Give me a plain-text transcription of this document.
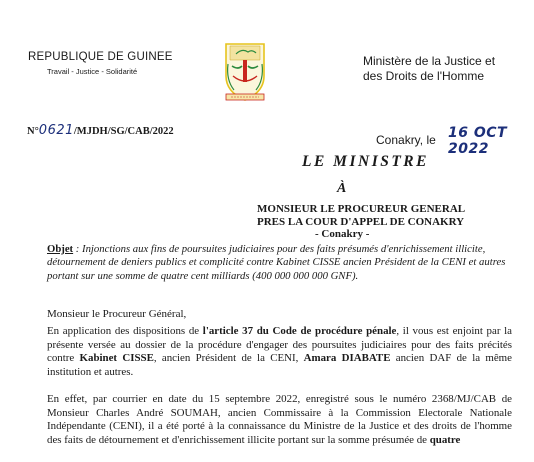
REPUBLIQUE DE GUINEE
Travail - Justice - Solidarité
Ministère de la Justice et
des Droits de l'Homme
N°0621/MJDH/SG/CAB/2022
Conakry, le 16 OCT 2022
LE MINISTRE
À
MONSIEUR LE PROCUREUR GENERAL
PRES LA COUR D'APPEL DE CONAKRY
- Conakry -
Objet : Injonctions aux fins de poursuites judiciaires pour des faits présumés d'enrichissement illicite, détournement de deniers publics et complicité contre Kabinet CISSE ancien Président de la CENI et autres portant sur une somme de quatre cent milliards (400 000 000 000 GNF).
Monsieur le Procureur Général,
En application des dispositions de l'article 37 du Code de procédure pénale, il vous est enjoint par la présente versée au dossier de la procédure d'engager des poursuites judiciaires pour des faits précités contre Kabinet CISSE, ancien Président de la CENI, Amara DIABATE ancien DAF de la même institution et autres.
En effet, par courrier en date du 15 septembre 2022, enregistré sous le numéro 2368/MJ/CAB de Monsieur Charles André SOUMAH, ancien Commissaire à la Commission Electorale Nationale Indépendante (CENI), il a été porté à la connaissance du Ministre de la Justice et des droits de l'homme des faits de détournement et d'enrichissement illicite portant sur la somme présumée de quatre
